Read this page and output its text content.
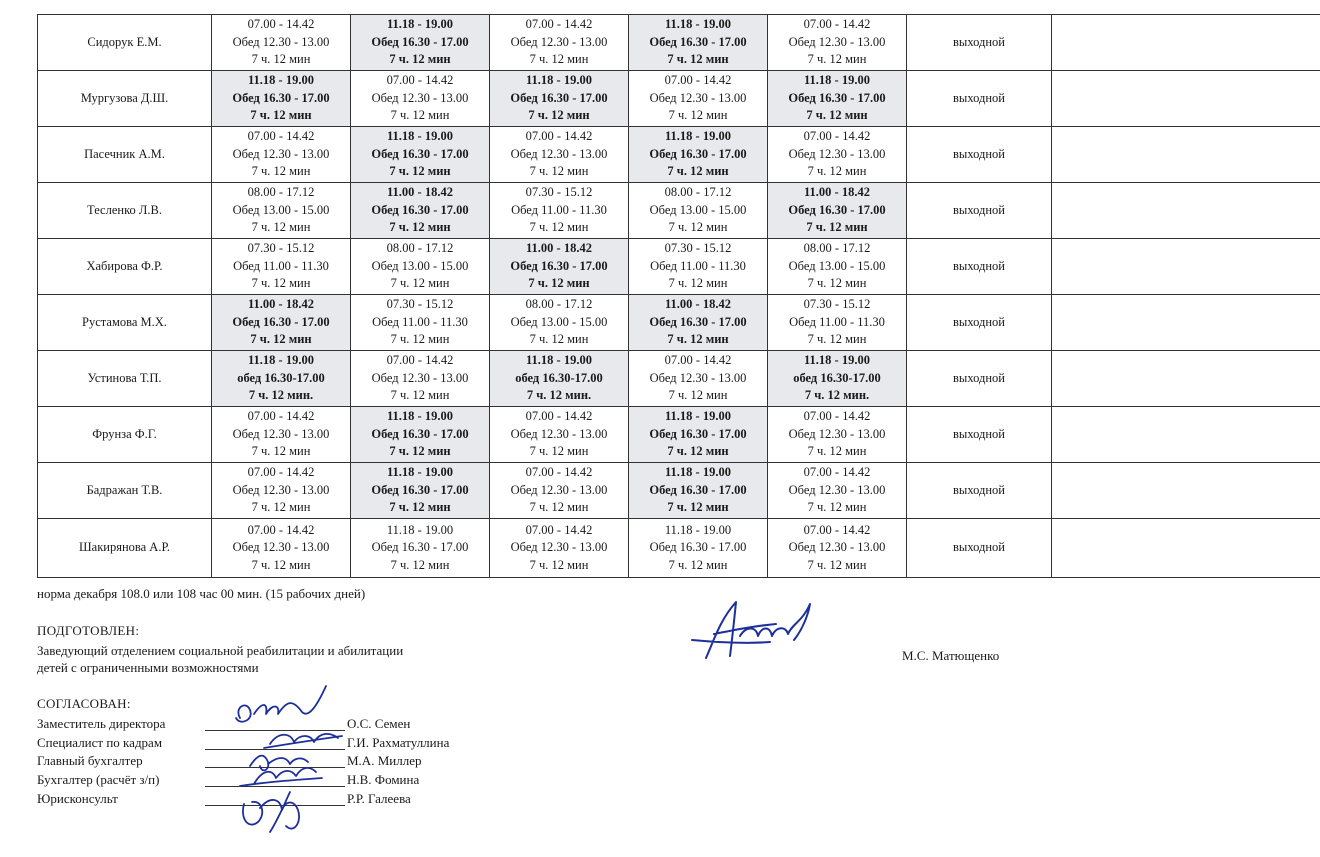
Сидорук Е.М.	07.00 - 14.42
Обед 12.30 - 13.00
7 ч. 12 мин	11.18 - 19.00
Обед 16.30 - 17.00
7 ч. 12 мин	07.00 - 14.42
Обед 12.30 - 13.00
7 ч. 12 мин	11.18 - 19.00
Обед 16.30 - 17.00
7 ч. 12 мин	07.00 - 14.42
Обед 12.30 - 13.00
7 ч. 12 мин	выходной	
Мургузова Д.Ш.	11.18 - 19.00
Обед 16.30 - 17.00
7 ч. 12 мин	07.00 - 14.42
Обед 12.30 - 13.00
7 ч. 12 мин	11.18 - 19.00
Обед 16.30 - 17.00
7 ч. 12 мин	07.00 - 14.42
Обед 12.30 - 13.00
7 ч. 12 мин	11.18 - 19.00
Обед 16.30 - 17.00
7 ч. 12 мин	выходной	
Пасечник А.М.	07.00 - 14.42
Обед 12.30 - 13.00
7 ч. 12 мин	11.18 - 19.00
Обед 16.30 - 17.00
7 ч. 12 мин	07.00 - 14.42
Обед 12.30 - 13.00
7 ч. 12 мин	11.18 - 19.00
Обед 16.30 - 17.00
7 ч. 12 мин	07.00 - 14.42
Обед 12.30 - 13.00
7 ч. 12 мин	выходной	
Тесленко Л.В.	08.00 - 17.12
Обед 13.00 - 15.00
7 ч. 12 мин	11.00 - 18.42
Обед 16.30 - 17.00
7 ч. 12 мин	07.30 - 15.12
Обед 11.00 - 11.30
7 ч. 12 мин	08.00 - 17.12
Обед 13.00 - 15.00
7 ч. 12 мин	11.00 - 18.42
Обед 16.30 - 17.00
7 ч. 12 мин	выходной	
Хабирова Ф.Р.	07.30 - 15.12
Обед 11.00 - 11.30
7 ч. 12 мин	08.00 - 17.12
Обед 13.00 - 15.00
7 ч. 12 мин	11.00 - 18.42
Обед 16.30 - 17.00
7 ч. 12 мин	07.30 - 15.12
Обед 11.00 - 11.30
7 ч. 12 мин	08.00 - 17.12
Обед 13.00 - 15.00
7 ч. 12 мин	выходной	
Рустамова М.Х.	11.00 - 18.42
Обед 16.30 - 17.00
7 ч. 12 мин	07.30 - 15.12
Обед 11.00 - 11.30
7 ч. 12 мин	08.00 - 17.12
Обед 13.00 - 15.00
7 ч. 12 мин	11.00 - 18.42
Обед 16.30 - 17.00
7 ч. 12 мин	07.30 - 15.12
Обед 11.00 - 11.30
7 ч. 12 мин	выходной	
Устинова Т.П.	11.18 - 19.00
обед 16.30-17.00
7 ч. 12 мин.	07.00 - 14.42
Обед 12.30 - 13.00
7 ч. 12 мин	11.18 - 19.00
обед 16.30-17.00
7 ч. 12 мин.	07.00 - 14.42
Обед 12.30 - 13.00
7 ч. 12 мин	11.18 - 19.00
обед 16.30-17.00
7 ч. 12 мин.	выходной	
Фрунза Ф.Г.	07.00 - 14.42
Обед 12.30 - 13.00
7 ч. 12 мин	11.18 - 19.00
Обед 16.30 - 17.00
7 ч. 12 мин	07.00 - 14.42
Обед 12.30 - 13.00
7 ч. 12 мин	11.18 - 19.00
Обед 16.30 - 17.00
7 ч. 12 мин	07.00 - 14.42
Обед 12.30 - 13.00
7 ч. 12 мин	выходной	
Бадражан Т.В.	07.00 - 14.42
Обед 12.30 - 13.00
7 ч. 12 мин	11.18 - 19.00
Обед 16.30 - 17.00
7 ч. 12 мин	07.00 - 14.42
Обед 12.30 - 13.00
7 ч. 12 мин	11.18 - 19.00
Обед 16.30 - 17.00
7 ч. 12 мин	07.00 - 14.42
Обед 12.30 - 13.00
7 ч. 12 мин	выходной	
Шакирянова А.Р.	07.00 - 14.42
Обед 12.30 - 13.00
7 ч. 12 мин	11.18 - 19.00
Обед 16.30 - 17.00
7 ч. 12 мин	07.00 - 14.42
Обед 12.30 - 13.00
7 ч. 12 мин	11.18 - 19.00
Обед 16.30 - 17.00
7 ч. 12 мин	07.00 - 14.42
Обед 12.30 - 13.00
7 ч. 12 мин	выходной	
норма декабря 108.0 или 108 час 00 мин. (15 рабочих дней)
ПОДГОТОВЛЕН:
Заведующий отделением социальной реабилитации и абилитации
детей с ограниченными возможностями
М.С. Матющенко
СОГЛАСОВАН:
Заместитель директора	О.С. Семен
Специалист по кадрам	Г.И. Рахматуллина
Главный бухгалтер	М.А. Миллер
Бухгалтер (расчёт з/п)	Н.В. Фомина
Юрисконсульт	Р.Р. Галеева
